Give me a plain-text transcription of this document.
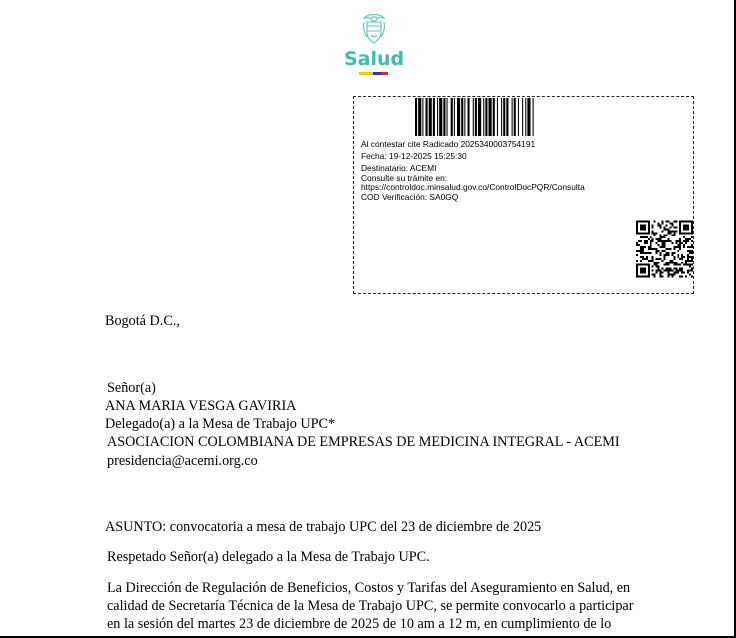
Salud
Al contestar cite Radicado 2025340003754191
Fecha: 19-12-2025 15:25:30
Destinatario: ACEMI
Consulte su trámite en:
https://controldoc.minsalud.gov.co/ControlDocPQR/Consulta
COD Verificación: SA0GQ
Bogotá D.C.,
Señor(a)
ANA MARIA VESGA GAVIRIA
Delegado(a) a la Mesa de Trabajo UPC*
ASOCIACION COLOMBIANA DE EMPRESAS DE MEDICINA INTEGRAL - ACEMI
presidencia@acemi.org.co
ASUNTO: convocatoria a mesa de trabajo UPC del 23 de diciembre de 2025
Respetado Señor(a) delegado a la Mesa de Trabajo UPC.
La Dirección de Regulación de Beneficios, Costos y Tarifas del Aseguramiento en Salud, en
calidad de Secretaría Técnica de la Mesa de Trabajo UPC, se permite convocarlo a participar
en la sesión del martes 23 de diciembre de 2025 de 10 am a 12 m, en cumplimiento de lo
